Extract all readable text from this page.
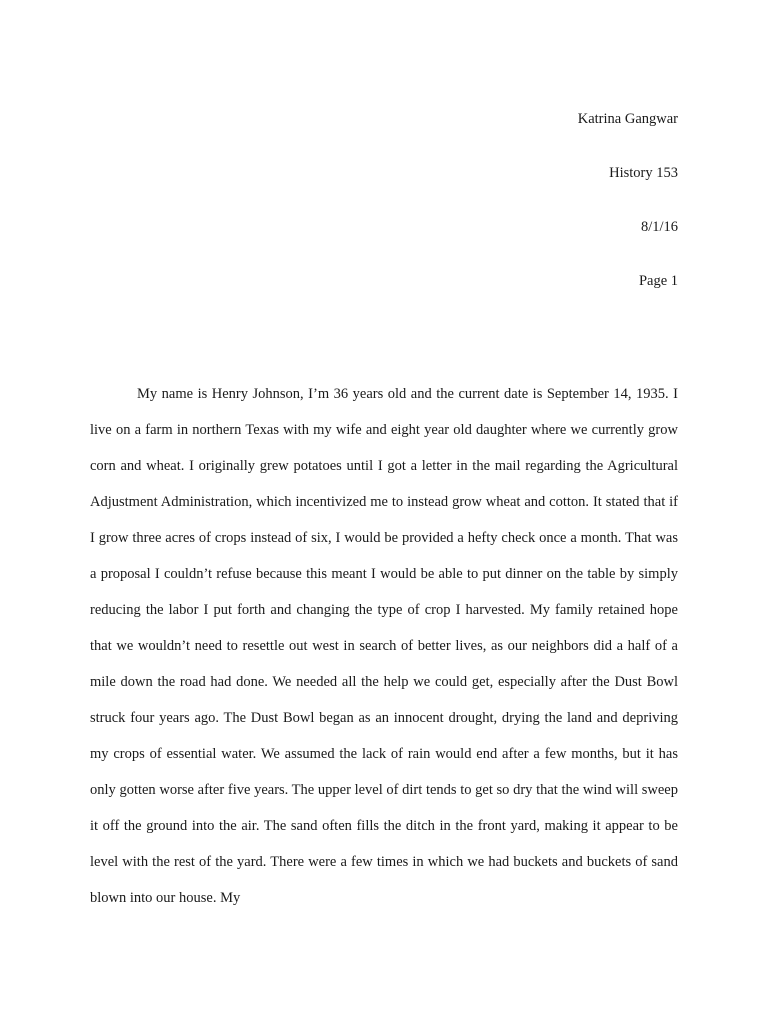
Katrina Gangwar
History 153
8/1/16
Page 1

My name is Henry Johnson, I’m 36 years old and the current date is September 14, 1935. I live on a farm in northern Texas with my wife and eight year old daughter where we currently grow corn and wheat. I originally grew potatoes until I got a letter in the mail regarding the Agricultural Adjustment Administration, which incentivized me to instead grow wheat and cotton. It stated that if I grow three acres of crops instead of six, I would be provided a hefty check once a month. That was a proposal I couldn’t refuse because this meant I would be able to put dinner on the table by simply reducing the labor I put forth and changing the type of crop I harvested. My family retained hope that we wouldn’t need to resettle out west in search of better lives, as our neighbors did a half of a mile down the road had done. We needed all the help we could get, especially after the Dust Bowl struck four years ago. The Dust Bowl began as an innocent drought, drying the land and depriving my crops of essential water. We assumed the lack of rain would end after a few months, but it has only gotten worse after five years. The upper level of dirt tends to get so dry that the wind will sweep it off the ground into the air. The sand often fills the ditch in the front yard, making it appear to be level with the rest of the yard. There were a few times in which we had buckets and buckets of sand blown into our house. My
